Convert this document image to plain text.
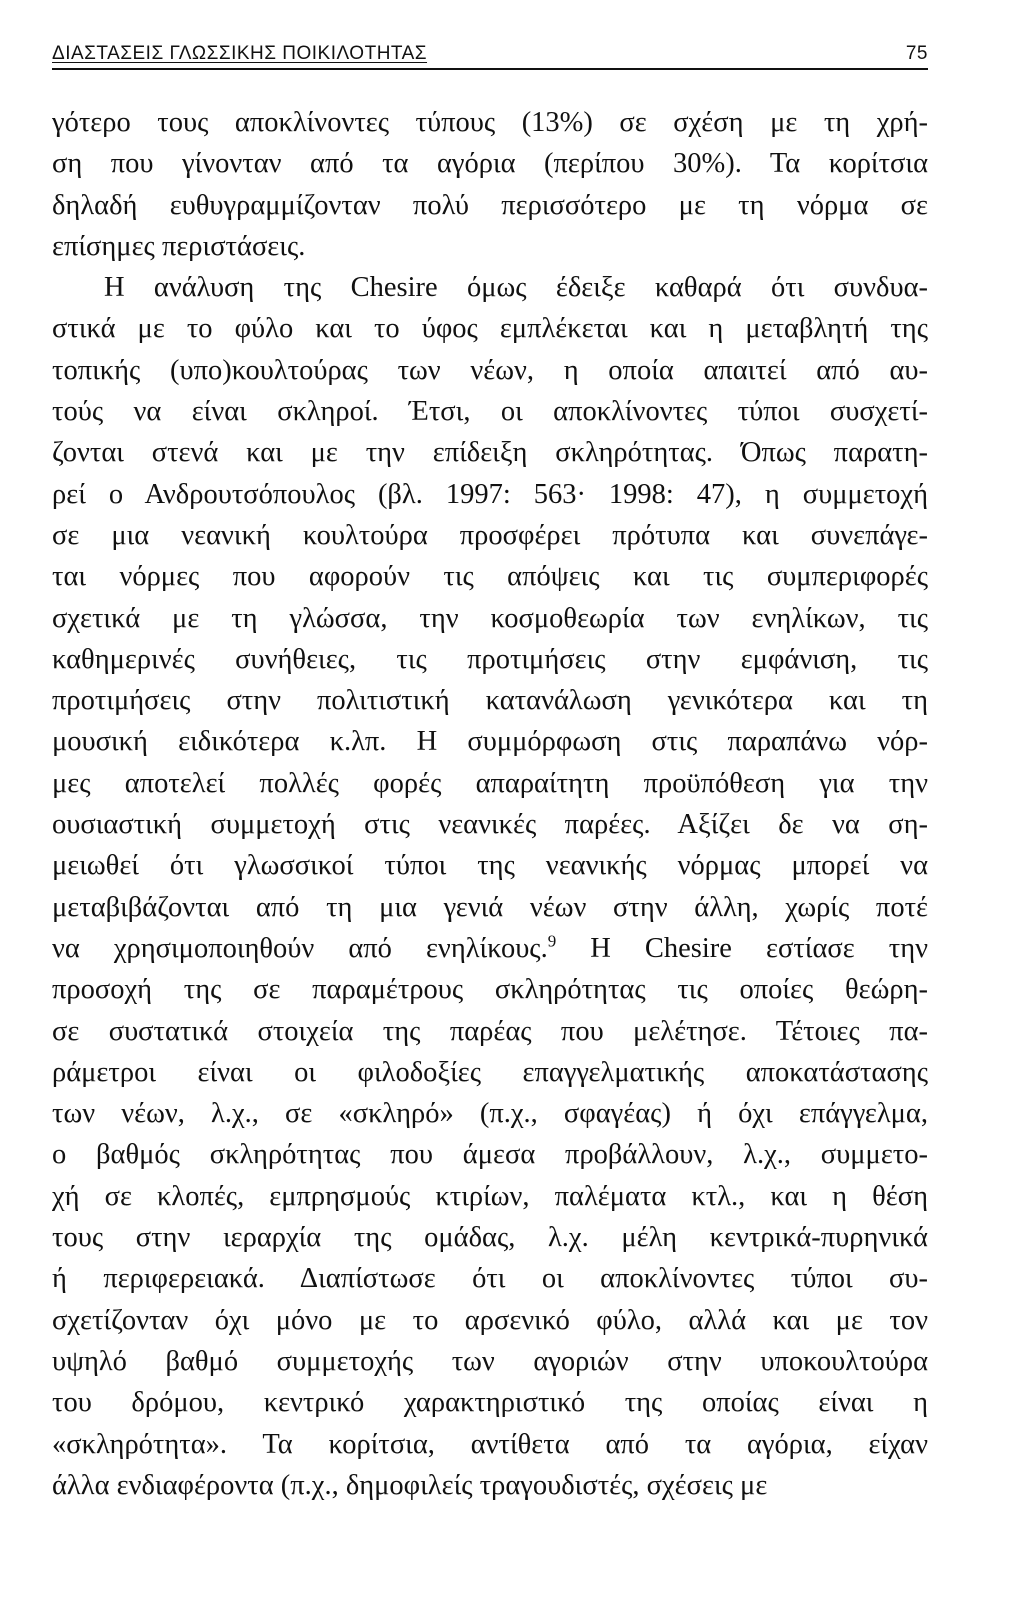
ΔΙΑΣΤΑΣΕΙΣ ΓΛΩΣΣΙΚΗΣ ΠΟΙΚΙΛΟΤΗΤΑΣ	75
γότερο τους αποκλίνοντες τύπους (13%) σε σχέση με τη χρή-
ση που γίνονταν από τα αγόρια (περίπου 30%). Τα κορίτσια
δηλαδή ευθυγραμμίζονταν πολύ περισσότερο με τη νόρμα σε
επίσημες περιστάσεις.
Η ανάλυση της Chesire όμως έδειξε καθαρά ότι συνδυα-
στικά με το φύλο και το ύφος εμπλέκεται και η μεταβλητή της
τοπικής (υπο)κουλτούρας των νέων, η οποία απαιτεί από αυ-
τούς να είναι σκληροί. Έτσι, οι αποκλίνοντες τύποι συσχετί-
ζονται στενά και με την επίδειξη σκληρότητας. Όπως παρατη-
ρεί ο Ανδρουτσόπουλος (βλ. 1997: 563· 1998: 47), η συμμετοχή
σε μια νεανική κουλτούρα προσφέρει πρότυπα και συνεπάγε-
ται νόρμες που αφορούν τις απόψεις και τις συμπεριφορές
σχετικά με τη γλώσσα, την κοσμοθεωρία των ενηλίκων, τις
καθημερινές συνήθειες, τις προτιμήσεις στην εμφάνιση, τις
προτιμήσεις στην πολιτιστική κατανάλωση γενικότερα και τη
μουσική ειδικότερα κ.λπ. Η συμμόρφωση στις παραπάνω νόρ-
μες αποτελεί πολλές φορές απαραίτητη προϋπόθεση για την
ουσιαστική συμμετοχή στις νεανικές παρέες. Αξίζει δε να ση-
μειωθεί ότι γλωσσικοί τύποι της νεανικής νόρμας μπορεί να
μεταβιβάζονται από τη μια γενιά νέων στην άλλη, χωρίς ποτέ
να χρησιμοποιηθούν από ενηλίκους.$^9$ Η Chesire εστίασε την
προσοχή της σε παραμέτρους σκληρότητας τις οποίες θεώρη-
σε συστατικά στοιχεία της παρέας που μελέτησε. Τέτοιες πα-
ράμετροι είναι οι φιλοδοξίες επαγγελματικής αποκατάστασης
των νέων, λ.χ., σε «σκληρό» (π.χ., σφαγέας) ή όχι επάγγελμα,
ο βαθμός σκληρότητας που άμεσα προβάλλουν, λ.χ., συμμετο-
χή σε κλοπές, εμπρησμούς κτιρίων, παλέματα κτλ., και η θέση
τους στην ιεραρχία της ομάδας, λ.χ. μέλη κεντρικά-πυρηνικά
ή περιφερειακά. Διαπίστωσε ότι οι αποκλίνοντες τύποι συ-
σχετίζονταν όχι μόνο με το αρσενικό φύλο, αλλά και με τον
υψηλό βαθμό συμμετοχής των αγοριών στην υποκουλτούρα
του δρόμου, κεντρικό χαρακτηριστικό της οποίας είναι η
«σκληρότητα». Τα κορίτσια, αντίθετα από τα αγόρια, είχαν
άλλα ενδιαφέροντα (π.χ., δημοφιλείς τραγουδιστές, σχέσεις με
